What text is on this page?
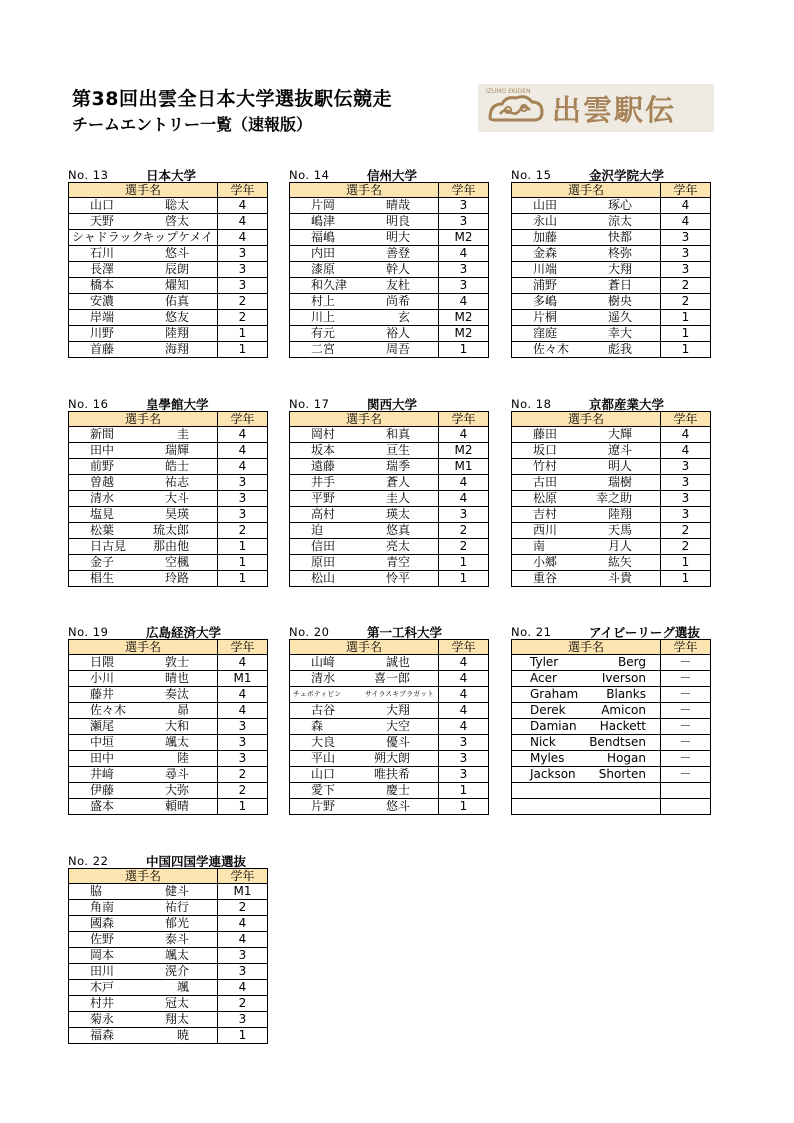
第38回出雲全日本大学選抜駅伝競走
チームエントリー一覧（速報版）
IZUMO EKIDEN
出雲駅伝
No. 13	日本大学
選手名	学年

山口 聡太	4

天野 啓太	4

シャドラック
キップケメイ	4

石川 悠斗	3

長澤 辰朗	3

橋本 燿知	3

安濃 佑真	2

岸端 悠友	2

川野 陸翔	1

首藤 海翔	1
No. 14	信州大学
選手名	学年

片岡 晴哉	3

嶋津 明良	3

福嶋 明大	M2

内田 善登	4

漆原 幹人	3

和久津 友杜	3

村上 尚希	4

川上 玄	M2

有元 裕人	M2

二宮 周吾	1
No. 15	金沢学院大学
選手名	学年

山田 琢心	4

永山 涼太	4

加藤 快都	3

金森 柊弥	3

川端 大翔	3

浦野 蒼日	2

多嶋 樹央	2

片桐 遥久	1

窪庭 幸大	1

佐々木 彪我	1
No. 16	皇學館大学
選手名	学年

新間 圭	4

田中 瑞輝	4

前野 皓士	4

曽越 祐志	3

清水 大斗	3

塩見 昊瑛	3

松葉 琉太郎	2

日古見 那由他	1

金子 空楓	1

椙生 玲路	1
No. 17	関西大学
選手名	学年

岡村 和真	4

坂本 亘生	M2

遠藤 瑞季	M1

井手 蒼人	4

平野 圭人	4

高村 瑛太	3

迫 悠真	2

信田 亮太	2

原田 青空	1

松山 怜平	1
No. 18	京都産業大学
選手名	学年

藤田 大輝	4

坂口 遼斗	4

竹村 明人	3

古田 瑞樹	3

松原 幸之助	3

吉村 陸翔	3

西川 天馬	2

南 月人	2

小郷 紘矢	1

重谷 斗貴	1
No. 19	広島経済大学
選手名	学年

日隈 敦士	4

小川 晴也	M1

藤井 奏汰	4

佐々木 昴	4

瀬尾 大和	3

中垣 颯太	3

田中 陸	3

井﨑 尋斗	2

伊藤 大弥	2

盛本 頼晴	1
No. 20	第一工科大学
選手名	学年

山﨑 誠也	4

清水 喜一郎	4

チェボティビン サイラスキプラガット	4

古谷 大翔	4

森 大空	4

大良 優斗	3

平山 朔大朗	3

山口 唯扶希	3

愛下 慶士	1

片野 悠斗	1
No. 21	アイビーリーグ選抜
選手名	学年

Tyler Berg	－

Acer Iverson	－

Graham Blanks	－

Derek Amicon	－

Damian Hackett	－

Nick Bendtsen	－

Myles Hogan	－

Jackson Shorten	－

No. 22	中国四国学連選抜
選手名	学年

脇 健斗	M1

角南 祐行	2

國森 郁光	4

佐野 泰斗	4

岡本 颯太	3

田川 滉介	3

木戸 颯	4

村井 冠太	2

菊永 翔太	3

福森 暁	1
